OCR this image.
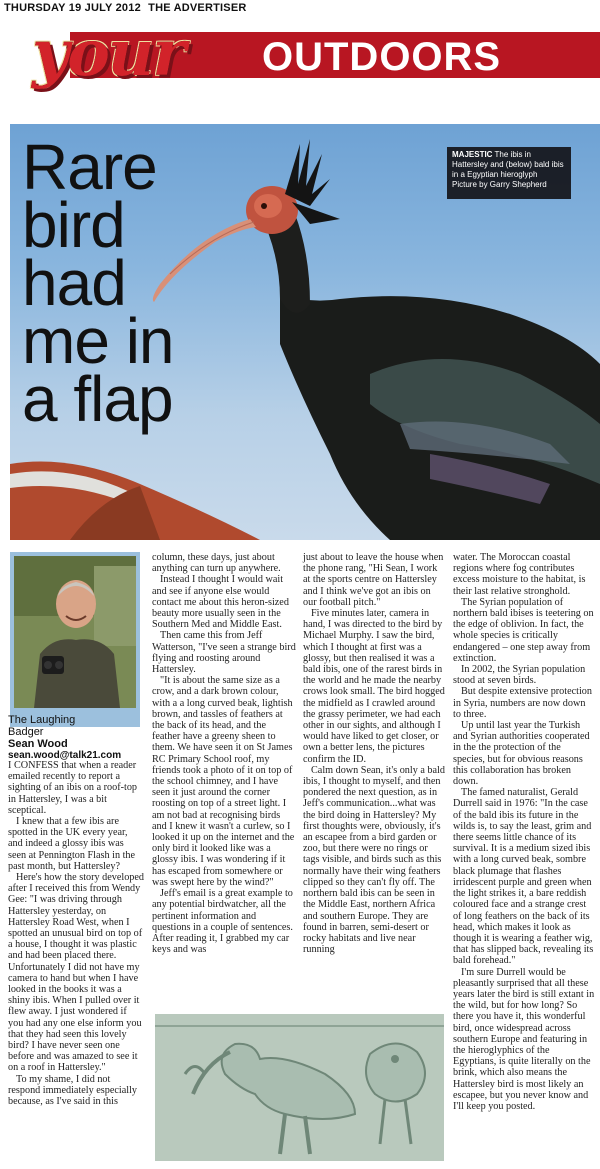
THURSDAY 19 JULY 2012 THE ADVERTISER
your OUTDOORS
Rare
bird
had
me in
a flap
MAJESTIC The ibis in Hattersley and (below) bald ibis in a Egyptian hieroglyph
Picture by Garry Shepherd
The Laughing
Badger
Sean Wood
sean.wood@talk21.com

I CONFESS that when a reader emailed recently to report a sighting of an ibis on a roof-top in Hattersley, I was a bit sceptical.

I knew that a few ibis are spotted in the UK every year, and indeed a glossy ibis was seen at Pennington Flash in the past month, but Hattersley?

Here's how the story developed after I received this from Wendy Gee: "I was driving through Hattersley yesterday, on Hattersley Road West, when I spotted an unusual bird on top of a house, I thought it was plastic and had been placed there. Unfortunately I did not have my camera to hand but when I have looked in the books it was a shiny ibis. When I pulled over it flew away. I just wondered if you had any one else inform you that they had seen this lovely bird? I have never seen one before and was amazed to see it on a roof in Hattersley."

To my shame, I did not respond immediately especially because, as I've said in this

column, these days, just about anything can turn up anywhere.

Instead I thought I would wait and see if anyone else would contact me about this heron-sized beauty more usually seen in the Southern Med and Middle East.

Then came this from Jeff Watterson, "I've seen a strange bird flying and roosting around Hattersley.

"It is about the same size as a crow, and a dark brown colour, with a a long curved beak, lightish brown, and tassles of feathers at the back of its head, and the feather have a greeny sheen to them. We have seen it on St James RC Primary School roof, my friends took a photo of it on top of the school chimney, and I have seen it just around the corner roosting on top of a street light. I am not bad at recognising birds and I knew it wasn't a curlew, so I looked it up on the internet and the only bird it looked like was a glossy ibis. I was wondering if it has escaped from somewhere or was swept here by the wind?"

Jeff's email is a great example to any potential birdwatcher, all the pertinent information and questions in a couple of sentences. After reading it, I grabbed my car keys and was

just about to leave the house when the phone rang, "Hi Sean, I work at the sports centre on Hattersley and I think we've got an ibis on our football pitch."

Five minutes later, camera in hand, I was directed to the bird by Michael Murphy. I saw the bird, which I thought at first was a glossy, but then realised it was a bald ibis, one of the rarest birds in the world and he made the nearby crows look small. The bird hogged the midfield as I crawled around the grassy perimeter, we had each other in our sights, and although I would have liked to get closer, or own a better lens, the pictures confirm the ID.

Calm down Sean, it's only a bald ibis, I thought to myself, and then pondered the next question, as in Jeff's communication...what was the bird doing in Hattersley? My first thoughts were, obviously, it's an escapee from a bird garden or zoo, but there were no rings or tags visible, and birds such as this normally have their wing feathers clipped so they can't fly off. The northern bald ibis can be seen in the Middle East, northern Africa and southern Europe. They are found in barren, semi-desert or rocky habitats and live near running

water. The Moroccan coastal regions where fog contributes excess moisture to the habitat, is their last relative stronghold.

The Syrian population of northern bald ibises is teetering on the edge of oblivion. In fact, the whole species is critically endangered – one step away from extinction.

In 2002, the Syrian population stood at seven birds.

But despite extensive protection in Syria, numbers are now down to three.

Up until last year the Turkish and Syrian authorities cooperated in the the protection of the species, but for obvious reasons this collaboration has broken down.

The famed naturalist, Gerald Durrell said in 1976: "In the case of the bald ibis its future in the wilds is, to say the least, grim and there seems little chance of its survival. It is a medium sized ibis with a long curved beak, sombre black plumage that flashes irridescent purple and green when the light strikes it, a bare reddish coloured face and a strange crest of long feathers on the back of its head, which makes it look as though it is wearing a feather wig, that has slipped back, revealing its bald forehead."

I'm sure Durrell would be pleasantly surprised that all these years later the bird is still extant in the wild, but for how long? So there you have it, this wonderful bird, once widespread across southern Europe and featuring in the hieroglyphics of the Egyptians, is quite literally on the brink, which also means the Hattersley bird is most likely an escapee, but you never know and I'll keep you posted.
